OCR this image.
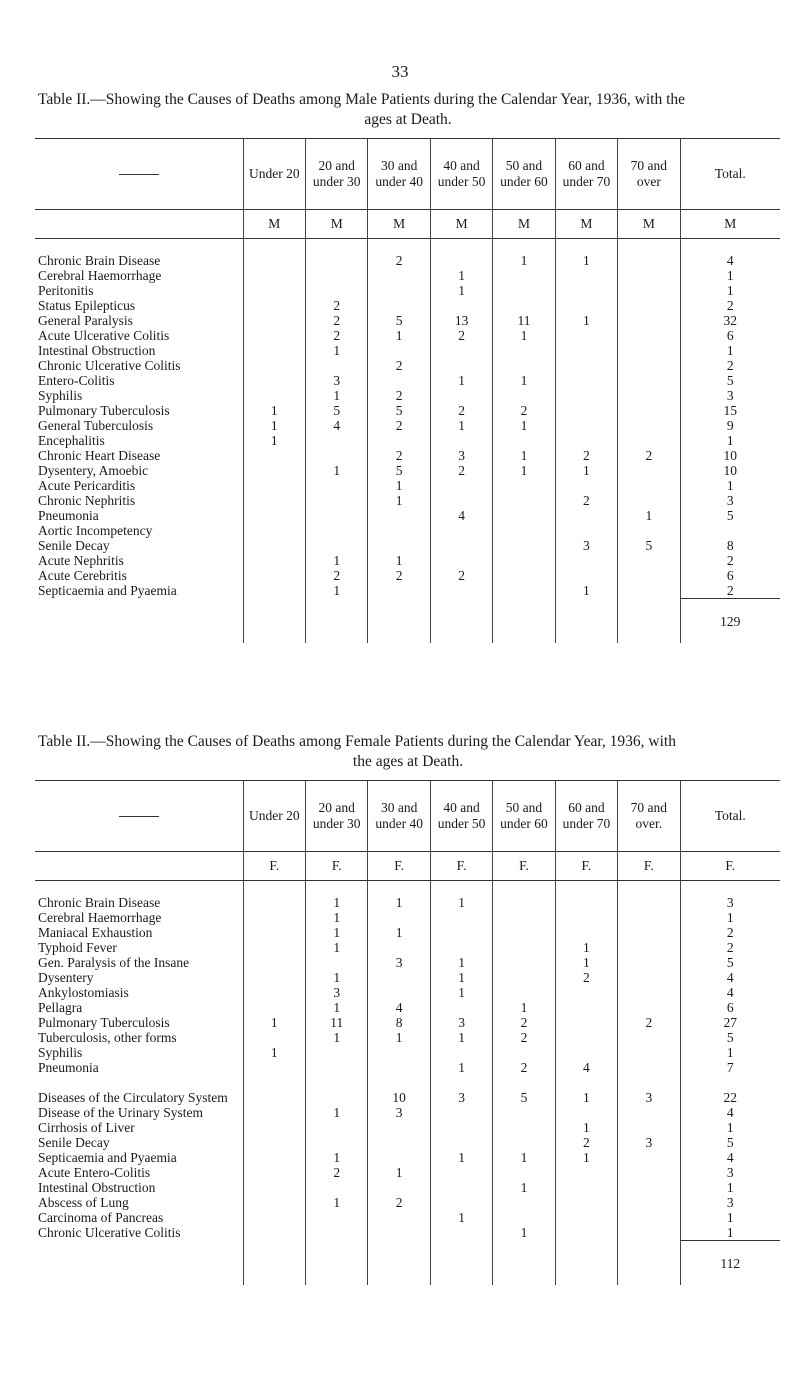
33
Table II.—Showing the Causes of Deaths among Male Patients during the Calendar Year, 1936, with the
ages at Death.
	Under 20	20 and under 30	30 and under 40	40 and under 50	50 and under 60	60 and under 70	70 and over	Total.
	M	M	M	M	M	M	M	M

Chronic Brain Disease			2		1	1		4
Cerebral Haemorrhage				1				1
Peritonitis				1				1
Status Epilepticus		2						2
General Paralysis		2	5	13	11	1		32
Acute Ulcerative Colitis		2	1	2	1			6
Intestinal Obstruction		1						1
Chronic Ulcerative Colitis			2					2
Entero-Colitis		3		1	1			5
Syphilis		1	2					3
Pulmonary Tuberculosis	1	5	5	2	2			15
General Tuberculosis	1	4	2	1	1			9
Encephalitis	1							1
Chronic Heart Disease			2	3	1	2	2	10
Dysentery, Amoebic		1	5	2	1	1		10
Acute Pericarditis			1					1
Chronic Nephritis			1			2		3
Pneumonia				4			1	5
Aortic Incompetency								
Senile Decay						3	5	8
Acute Nephritis		1	1					2
Acute Cerebritis		2	2	2				6
Septicaemia and Pyaemia		1				1		2
								129
Table II.—Showing the Causes of Deaths among Female Patients during the Calendar Year, 1936, with
the ages at Death.
	Under 20	20 and under 30	30 and under 40	40 and under 50	50 and under 60	60 and under 70	70 and over.	Total.
	F.	F.	F.	F.	F.	F.	F.	F.

Chronic Brain Disease		1	1	1				3
Cerebral Haemorrhage		1						1
Maniacal Exhaustion		1	1					2
Typhoid Fever		1				1		2
Gen. Paralysis of the Insane			3	1		1		5
Dysentery		1		1		2		4
Ankylostomiasis		3		1				4
Pellagra		1	4		1			6
Pulmonary Tuberculosis	1	11	8	3	2		2	27
Tuberculosis, other forms		1	1	1	2			5
Syphilis	1							1
Pneumonia				1	2	4		7
Diseases of the Circulatory System			10	3	5	1	3	22
Disease of the Urinary System		1	3					4
Cirrhosis of Liver						1		1
Senile Decay						2	3	5
Septicaemia and Pyaemia		1		1	1	1		4
Acute Entero-Colitis		2	1					3
Intestinal Obstruction					1			1
Abscess of Lung		1	2					3
Carcinoma of Pancreas				1				1
Chronic Ulcerative Colitis					1			1
								112
